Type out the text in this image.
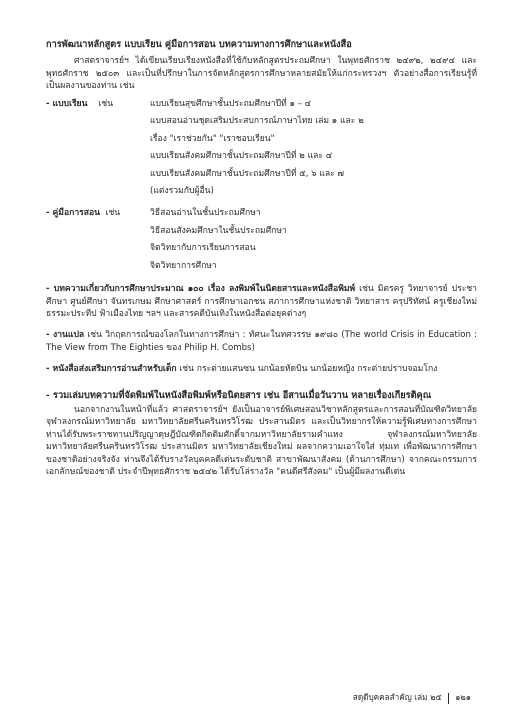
การพัฒนาหลักสูตร แบบเรียน คู่มือการสอน บทความทางการศึกษาและหนังสือ

ศาสตราจารย์ฯ ได้เขียนเรียบเรียงหนังสือที่ใช้กับหลักสูตรประถมศึกษา ในพุทธศักราช ๒๔๙๒, ๒๔๙๔ และ พุทธศักราช ๒๕๐๓ และเป็นที่ปรึกษาในการจัดหลักสูตรการศึกษาหลายสมัยให้แก่กระทรวงฯ ตัวอย่างสื่อการเรียนรู้ที่เป็นผลงานของท่าน เช่น

- แบบเรียน เช่น	แบบเรียนสุขศึกษาชั้นประถมศึกษาปีที่ ๑ – ๔
แบบสอนอ่านชุดเสริมประสบการณ์ภาษาไทย เล่ม ๑ และ ๒
เรื่อง "เราช่วยกัน" "เราชอบเรียน"
แบบเรียนสังคมศึกษาชั้นประถมศึกษาปีที่ ๒ และ ๔
แบบเรียนสังคมศึกษาชั้นประถมศึกษาปีที่ ๕, ๖ และ ๗
(แต่งรวมกับผู้อื่น)
- คู่มือการสอน เช่น	วิธีสอนอ่านในชั้นประถมศึกษา
วิธีสอนสังคมศึกษาในชั้นประถมศึกษา
จิตวิทยากับการเรียนการสอน
จิตวิทยาการศึกษา

- บทความเกี่ยวกับการศึกษาประมาณ ๑๐๐ เรื่อง ลงพิมพ์ในนิตยสารและหนังสือพิมพ์ เช่น มิตรครู วิทยาจารย์ ประชาศึกษา ศูนย์ศึกษา จันทรเกษม ศึกษาศาสตร์ การศึกษาเอกชน สภาการศึกษาแห่งชาติ วิทยาสาร ครุปริทัศน์ ครูเชียงใหม่ ธรรมะประทีป ฟ้าเมืองไทย ฯลฯ และสารคดีบันเทิงในหนังสือต่อยุคต่างๆ

- งานแปล เช่น วิกฤตการณ์ของโลกในทางการศึกษา : ทัศนะในทศวรรษ ๑๙๘๐ (The world Crisis in Education : The View from The Eighties ของ Philip H. Combs)

- หนังสือส่งเสริมการอ่านสำหรับเด็ก เช่น กระต่ายแสนซน นกน้อยหัดบิน นกน้อยหญิง กระต่ายปราบจอมโกง

- รวมเล่มบทความที่จัดพิมพ์ในหนังสือพิมพ์หรือนิตยสาร เช่น อีสานเมื่อวันวาน หลายเรื่องเกียรติคุณ

นอกจากงานในหน้าที่แล้ว ศาสตราจารย์ฯ ยังเป็นอาจารย์พิเศษสอนวิชาหลักสูตรและการสอนที่บัณฑิตวิทยาลัย จุฬาลงกรณ์มหาวิทยาลัย มหาวิทยาลัยศรีนครินทรวิโรฒ ประสานมิตร และเป็นวิทยากรให้ความรู้พิเศษทางการศึกษา ท่านได้รับพระราชทานปริญญาดุษฎีบัณฑิตกิตติมศักดิ์จากมหาวิทยาลัยรามคำแหง จุฬาลงกรณ์มหาวิทยาลัย มหาวิทยาลัยศรีนครินทรวิโรฒ ประสานมิตร มหาวิทยาลัยเชียงใหม่ ผลจากความเอาใจใส่ ทุ่มเท เพื่อพัฒนาการศึกษาของชาติอย่างจริงจัง ท่านจึงได้รับรางวัลบุคคลดีเด่นระดับชาติ สาขาพัฒนาสังคม (ด้านการศึกษา) จากคณะกรรมการเอกลักษณ์ของชาติ ประจำปีพุทธศักราช ๒๕๔๒ ได้รับโล่รางวัล "คนดีศรีสังคม" เป็นผู้มีผลงานดีเด่น

สดุดีบุคคลสำคัญ เล่ม ๒๕ ๑๒๑
